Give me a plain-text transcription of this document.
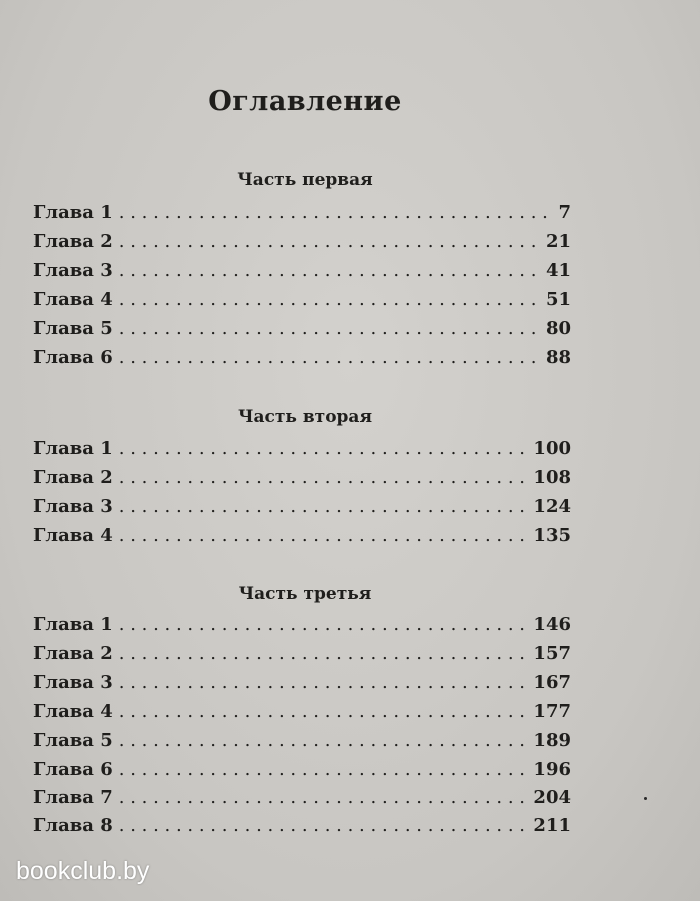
Оглавление
Часть первая
Глава 1 . . .	7
Глава 2 . . .	21
Глава 3 . . .	41
Глава 4 . . .	51
Глава 5 . . .	80
Глава 6 . . .	88
Часть вторая
Глава 1 . . .	100
Глава 2 . . .	108
Глава 3 . . .	124
Глава 4 . . .	135
Часть третья
Глава 1 . . .	146
Глава 2 . . .	157
Глава 3 . . .	167
Глава 4 . . .	177
Глава 5 . . .	189
Глава 6 . . .	196
Глава 7 . . .	204
Глава 8 . . .	211
bookclub.by
